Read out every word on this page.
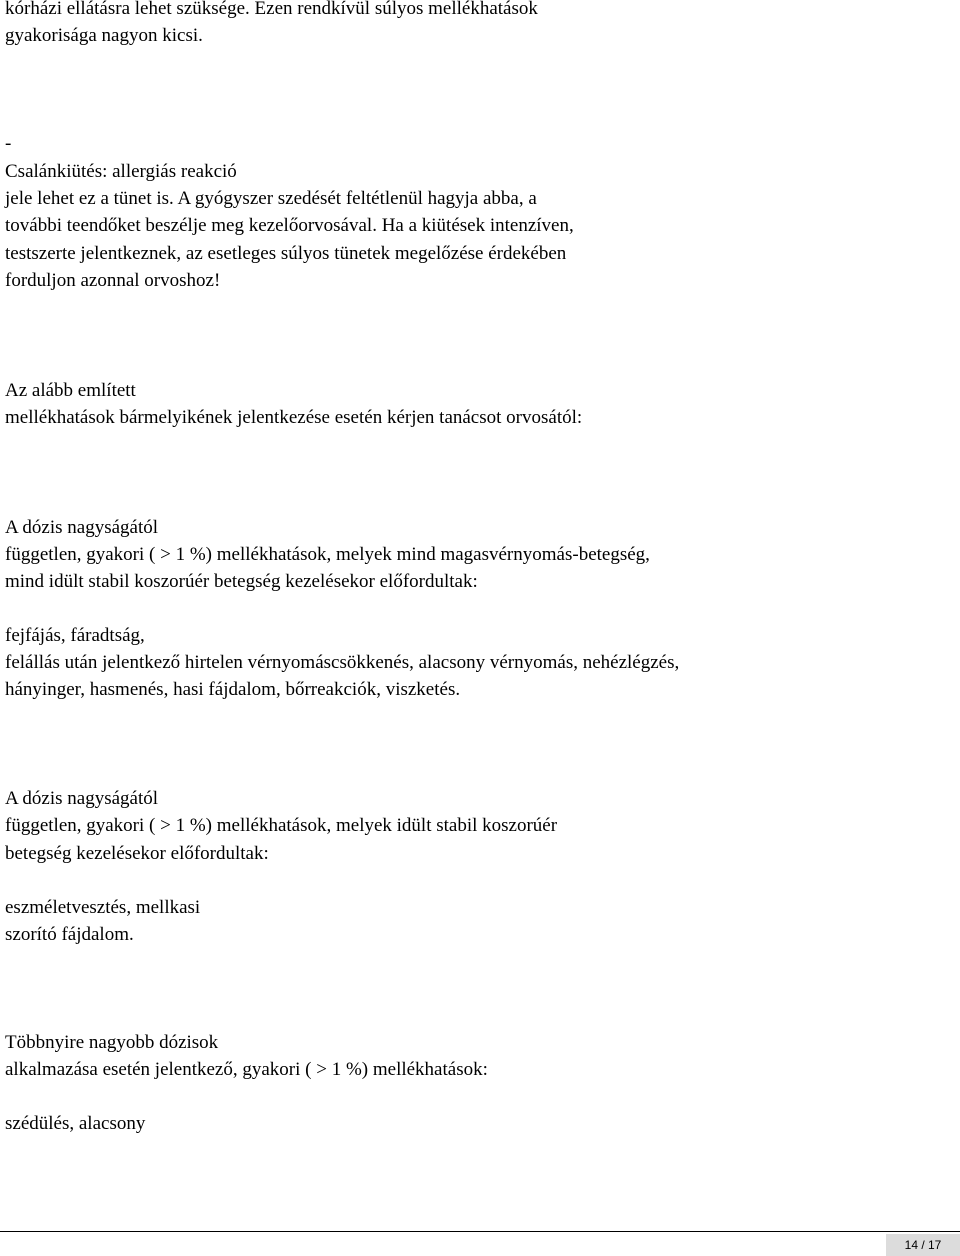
kórházi ellátásra lehet szüksége. Ezen rendkívül súlyos mellékhatások
gyakorisága nagyon kicsi.
-
Csalánkiütés: allergiás reakció
jele lehet ez a tünet is. A gyógyszer szedését feltétlenül hagyja abba, a
további teendőket beszélje meg kezelőorvosával. Ha a kiütések intenzíven,
testszerte jelentkeznek, az esetleges súlyos tünetek megelőzése érdekében
forduljon azonnal orvoshoz!
Az alább említett
mellékhatások bármelyikének jelentkezése esetén kérjen tanácsot orvosától:
A dózis nagyságától
független, gyakori ( > 1 %) mellékhatások, melyek mind magasvérnyomás-betegség,
mind idült stabil koszorúér betegség kezelésekor előfordultak:
fejfájás, fáradtság,
felállás után jelentkező hirtelen vérnyomáscsökkenés, alacsony vérnyomás, nehézlégzés,
hányinger, hasmenés, hasi fájdalom, bőrreakciók, viszketés.
A dózis nagyságától
független, gyakori ( > 1 %) mellékhatások, melyek idült stabil koszorúér
betegség kezelésekor előfordultak:
eszméletvesztés, mellkasi
szorító fájdalom.
Többnyire nagyobb dózisok
alkalmazása esetén jelentkező, gyakori ( > 1 %) mellékhatások:
szédülés, alacsony
14 / 17
